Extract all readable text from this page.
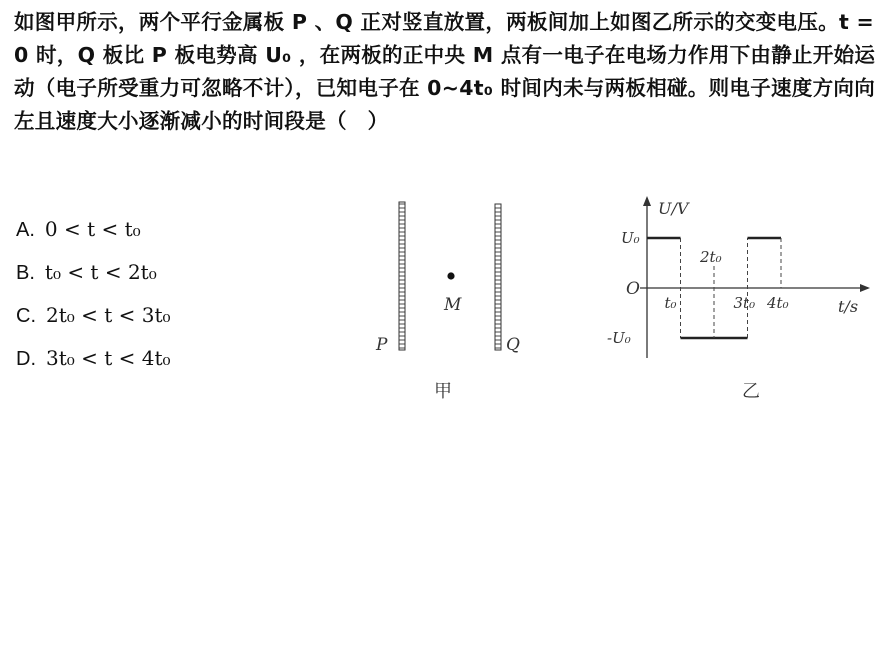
如图甲所示，两个平行金属板 P 、Q 正对竖直放置，两板间加上如图乙所示的交变电压。t = 0 时，Q 板比 P 板电势高 U₀ ，在两板的正中央 M 点有一电子在电场力作用下由静止开始运动（电子所受重力可忽略不计），已知电子在 0~4t₀ 时间内未与两板相碰。则电子速度方向向左且速度大小逐渐减小的时间段是（　）
A. 0 < t < t₀
B. t₀ < t < 2t₀
C. 2t₀ < t < 3t₀
D. 3t₀ < t < 4t₀
M
P	Q
甲
U/V
t/s
O
乙
t₀
2t₀
3t₀ 4t₀
U₀
-U₀
